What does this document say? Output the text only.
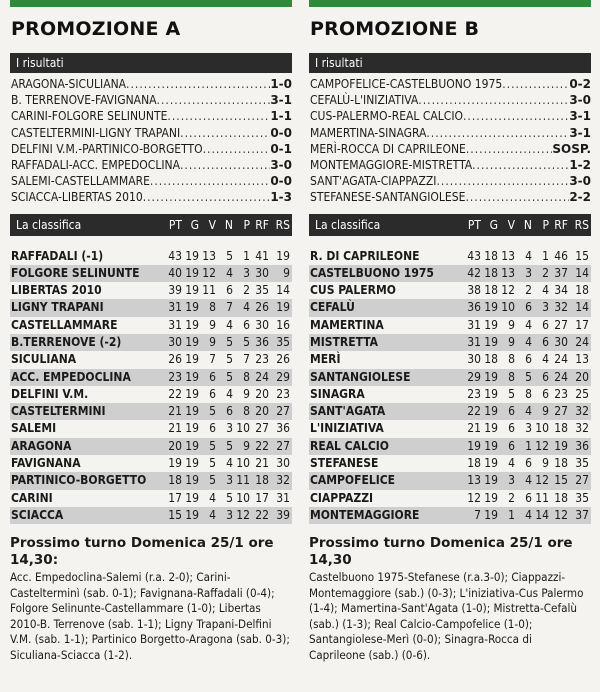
PROMOZIONE A
I risultati
ARAGONA-SICULIANA .....	1-0
B. TERRENOVE-FAVIGNANA .....	3-1
CARINI-FOLGORE SELINUNTE .....	1-1
CASTELTERMINI-LIGNY TRAPANI .....	0-0
DELFINI V.M.-PARTINICO-BORGETTO .....	0-1
RAFFADALI-ACC. EMPEDOCLINA .....	3-0
SALEMI-CASTELLAMMARE .....	0-0
SCIACCA-LIBERTAS 2010 .....	1-3
La classifica	PT G V N P RF RS
RAFFADALI (-1)	43 19 13 5 1 41 19
FOLGORE SELINUNTE	40 19 12 4 3 30	9
LIBERTAS 2010	39 19 11 6 2 35 14
LIGNY TRAPANI	31 19 8 7 4 26 19
CASTELLAMMARE	31 19 9 4 6 30 16
B.TERRENOVE (-2)	30 19 9 5 5 36 35
SICULIANA	26 19 7 5 7 23 26
ACC. EMPEDOCLINA	23 19 6 5 8 24 29
DELFINI V.M.	22 19 6 4 9 20 23
CASTELTERMINI	21 19 5 6 8 20 27
SALEMI	21 19 6 3 10 27 36
ARAGONA	20 19 5 5 9 22 27
FAVIGNANA	19 19 5 4 10 21 30
PARTINICO-BORGETTO	18 19 5 3 11 18 32
CARINI	17 19 4 5 10 17 31
SCIACCA	15 19 4 3 12 22 39
Prossimo turno Domenica 25/1 ore 14,30:
Acc. Empedoclina-Salemi (r.a. 2-0); Carini-Castelterminì (sab. 0-1); Favignana-Raffadali (0-4); Folgore Selinunte-Castellammare (1-0); Libertas 2010-B. Terrenove (sab. 1-1); Ligny Trapani-Delfini V.M. (sab. 1-1); Partinico Borgetto-Aragona (sab. 0-3); Siculiana-Sciacca (1-2).
PROMOZIONE B
I risultati
CAMPOFELICE-CASTELBUONO 1975 .....	0-2
CEFALÙ-L'INIZIATIVA .....	3-0
CUS-PALERMO-REAL CALCIO .....	3-1
MAMERTINA-SINAGRA .....	3-1
MERÌ-ROCCA DI CAPRILEONE .....	SOSP.
MONTEMAGGIORE-MISTRETTA .....	1-2
SANT'AGATA-CIAPPAZZI .....	3-0
STEFANESE-SANTANGIOLESE .....	2-2
La classifica	PT G V N P RF RS
R. DI CAPRILEONE	43 18 13 4 1 46 15
CASTELBUONO 1975	42 18 13 3 2 37 14
CUS PALERMO	38 18 12 2 4 34 18
CEFALÙ	36 19 10 6 3 32 14
MAMERTINA	31 19 9 4 6 27 17
MISTRETTA	31 19 9 4 6 30 24
MERÌ	30 18 8 6 4 24 13
SANTANGIOLESE	29 19 8 5 6 24 20
SINAGRA	23 19 5 8 6 23 25
SANT'AGATA	22 19 6 4 9 27 32
L'INIZIATIVA	21 19 6 3 10 18 32
REAL CALCIO	19 19 6 1 12 19 36
STEFANESE	18 19 4 6 9 18 35
CAMPOFELICE	13 19 3 4 12 15 27
CIAPPAZZI	12 19 2 6 11 18 35
MONTEMAGGIORE	7 19 1 4 14 12 37
Prossimo turno Domenica 25/1 ore 14,30
Castelbuono 1975-Stefanese (r.a.3-0); Ciappazzi-Montemaggiore (sab.) (0-3); L'iniziativa-Cus Palermo (1-4); Mamertina-Sant'Agata (1-0); Mistretta-Cefalù (sab.) (1-3); Real Calcio-Campofelice (1-0); Santangiolese-Merì (0-0); Sinagra-Rocca di Caprileone (sab.) (0-6).
